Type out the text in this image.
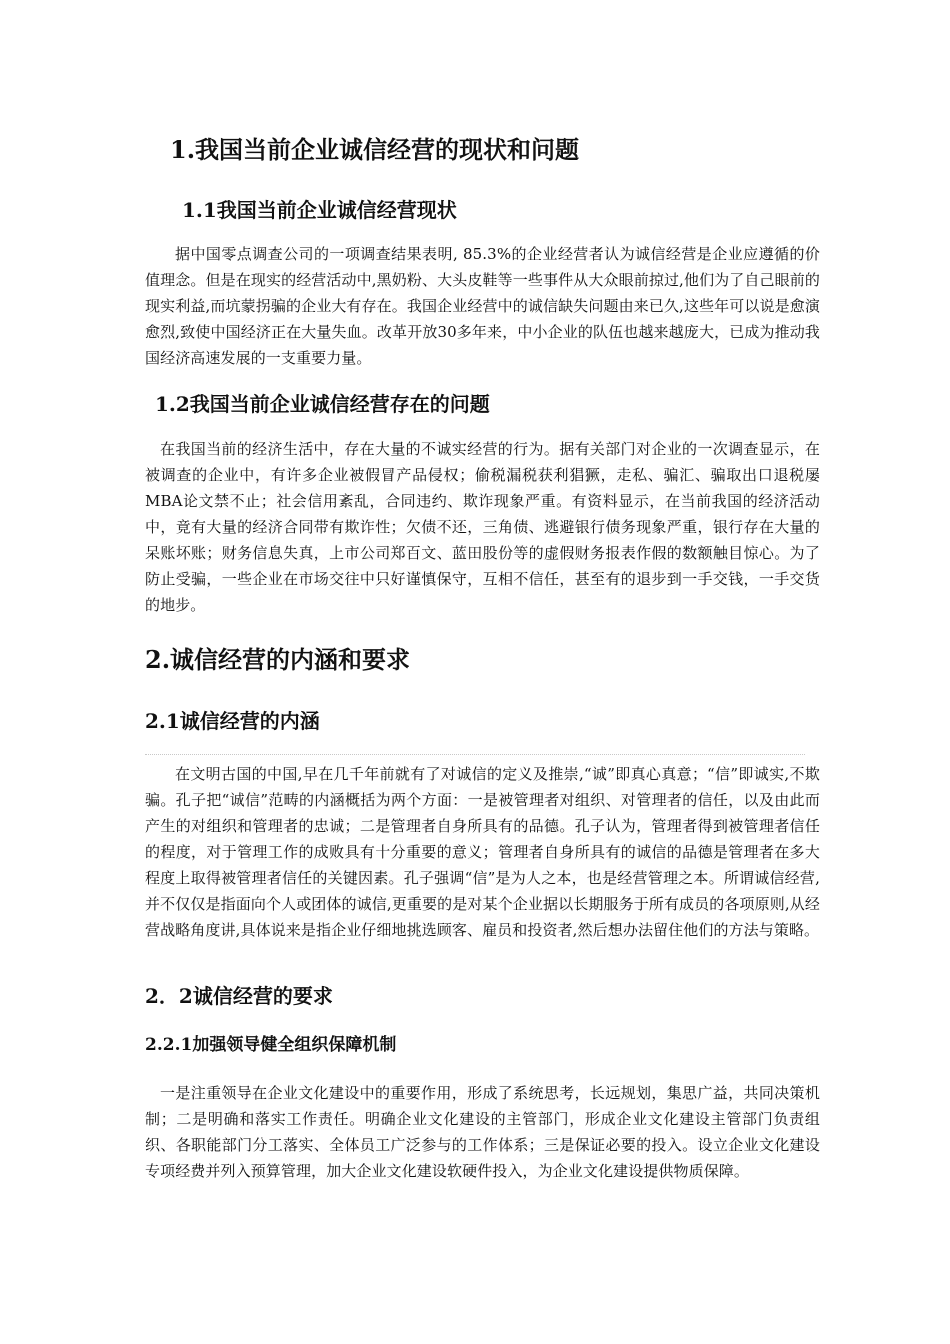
1.我国当前企业诚信经营的现状和问题
1.1我国当前企业诚信经营现状

据中国零点调查公司的一项调查结果表明, 85.3%的企业经营者认为诚信经营是企业应遵循的价值理念。但是在现实的经营活动中,黑奶粉、大头皮鞋等一些事件从大众眼前掠过,他们为了自己眼前的现实利益,而坑蒙拐骗的企业大有存在。我国企业经营中的诚信缺失问题由来已久,这些年可以说是愈演愈烈,致使中国经济正在大量失血。改革开放30多年来，中小企业的队伍也越来越庞大，已成为推动我国经济高速发展的一支重要力量。

1.2我国当前企业诚信经营存在的问题

在我国当前的经济生活中，存在大量的不诚实经营的行为。据有关部门对企业的一次调查显示，在被调查的企业中，有许多企业被假冒产品侵权；偷税漏税获利猖獗，走私、骗汇、骗取出口退税屡MBA论文禁不止；社会信用紊乱，合同违约、欺诈现象严重。有资料显示，在当前我国的经济活动中，竟有大量的经济合同带有欺诈性；欠债不还，三角债、逃避银行债务现象严重，银行存在大量的呆账坏账；财务信息失真，上市公司郑百文、蓝田股份等的虚假财务报表作假的数额触目惊心。为了防止受骗，一些企业在市场交往中只好谨慎保守，互相不信任，甚至有的退步到一手交钱，一手交货的地步。

2.诚信经营的内涵和要求
2.1诚信经营的内涵

在文明古国的中国,早在几千年前就有了对诚信的定义及推崇,“诚”即真心真意；“信”即诚实,不欺骗。孔子把“诚信”范畴的内涵概括为两个方面：一是被管理者对组织、对管理者的信任，以及由此而产生的对组织和管理者的忠诚；二是管理者自身所具有的品德。孔子认为，管理者得到被管理者信任的程度，对于管理工作的成败具有十分重要的意义；管理者自身所具有的诚信的品德是管理者在多大程度上取得被管理者信任的关键因素。孔子强调“信”是为人之本，也是经营管理之本。所谓诚信经营,并不仅仅是指面向个人或团体的诚信,更重要的是对某个企业据以长期服务于所有成员的各项原则,从经营战略角度讲,具体说来是指企业仔细地挑选顾客、雇员和投资者,然后想办法留住他们的方法与策略。

2．2诚信经营的要求
2.2.1加强领导健全组织保障机制

一是注重领导在企业文化建设中的重要作用，形成了系统思考，长远规划，集思广益，共同决策机制；二是明确和落实工作责任。明确企业文化建设的主管部门，形成企业文化建设主管部门负责组织、各职能部门分工落实、全体员工广泛参与的工作体系；三是保证必要的投入。设立企业文化建设专项经费并列入预算管理，加大企业文化建设软硬件投入，为企业文化建设提供物质保障。
